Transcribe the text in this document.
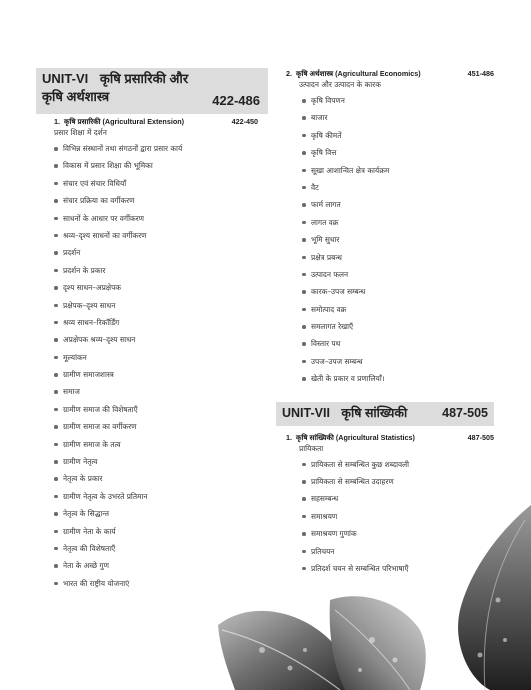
UNIT-VI कृषि प्रसारिकी और
कृषि अर्थशास्त्र	422-486
1. कृषि प्रसारिकी (Agricultural Extension)	422-450
प्रसार शिक्षा में दर्शन
विभिन्न संस्थानों तथा संगठनों द्वारा प्रसार कार्य
विकास में प्रसार शिक्षा की भूमिका
संचार एवं संचार विधियाँ
संचार प्रक्रिया का वर्गीकरण
साधनों के आधार पर वर्गीकरण
श्रव्य–दृश्य साधनों का वर्गीकरण
प्रदर्शन
प्रदर्शन के प्रकार
दृश्य साधन–अप्रक्षेपक
प्रक्षेपक–दृश्य साधन
श्रव्य साधन–रिकॉर्डिंग
अप्रक्षेपक श्रव्य–दृश्य साधन
मूल्यांकन
ग्रामीण समाजशास्त्र
समाज
ग्रामीण समाज की विशेषताएँ
ग्रामीण समाज का वर्गीकरण
ग्रामीण समाज के तत्व
ग्रामीण नेतृत्व
नेतृत्व के प्रकार
ग्रामीण नेतृत्व के उभरते प्रतिमान
नेतृत्व के सिद्धान्त
ग्रामीण नेता के कार्य
नेतृत्व की विशेषताएँ
नेता के अच्छे गुण
भारत की राष्ट्रीय योजनाएं
2. कृषि अर्थशास्त्र (Agricultural Economics)	451-486
उत्पादन और उत्पादन के कारक
कृषि विपणन
बाजार
कृषि कीमतें
कृषि वित्त
सूखा आशान्वित क्षेत्र कार्यक्रम
वैट
फार्म लागत
लागत वक्र
भूमि सुधार
प्रक्षेत्र प्रबन्ध
उत्पादन फलन
कारक–उपज सम्बन्ध
समोत्पाद वक्र
समलागत रेखाएँ
विस्तार पथ
उपज–उपज सम्बन्ध
खेती के प्रकार व प्रणालियाँ।
UNIT-VII कृषि सांख्यिकी	487-505
1. कृषि सांख्यिकी (Agricultural Statistics)	487-505
प्रायिकता
प्रायिकता से सम्बन्धित कुछ शब्दावली
प्रायिकता से सम्बन्धित उदाहरण
सहसम्बन्ध
समाश्रयण
समाश्रयण गुणांक
प्रतिचयन
प्रतिदर्श चयन से सम्बन्धित परिभाषाएँ
